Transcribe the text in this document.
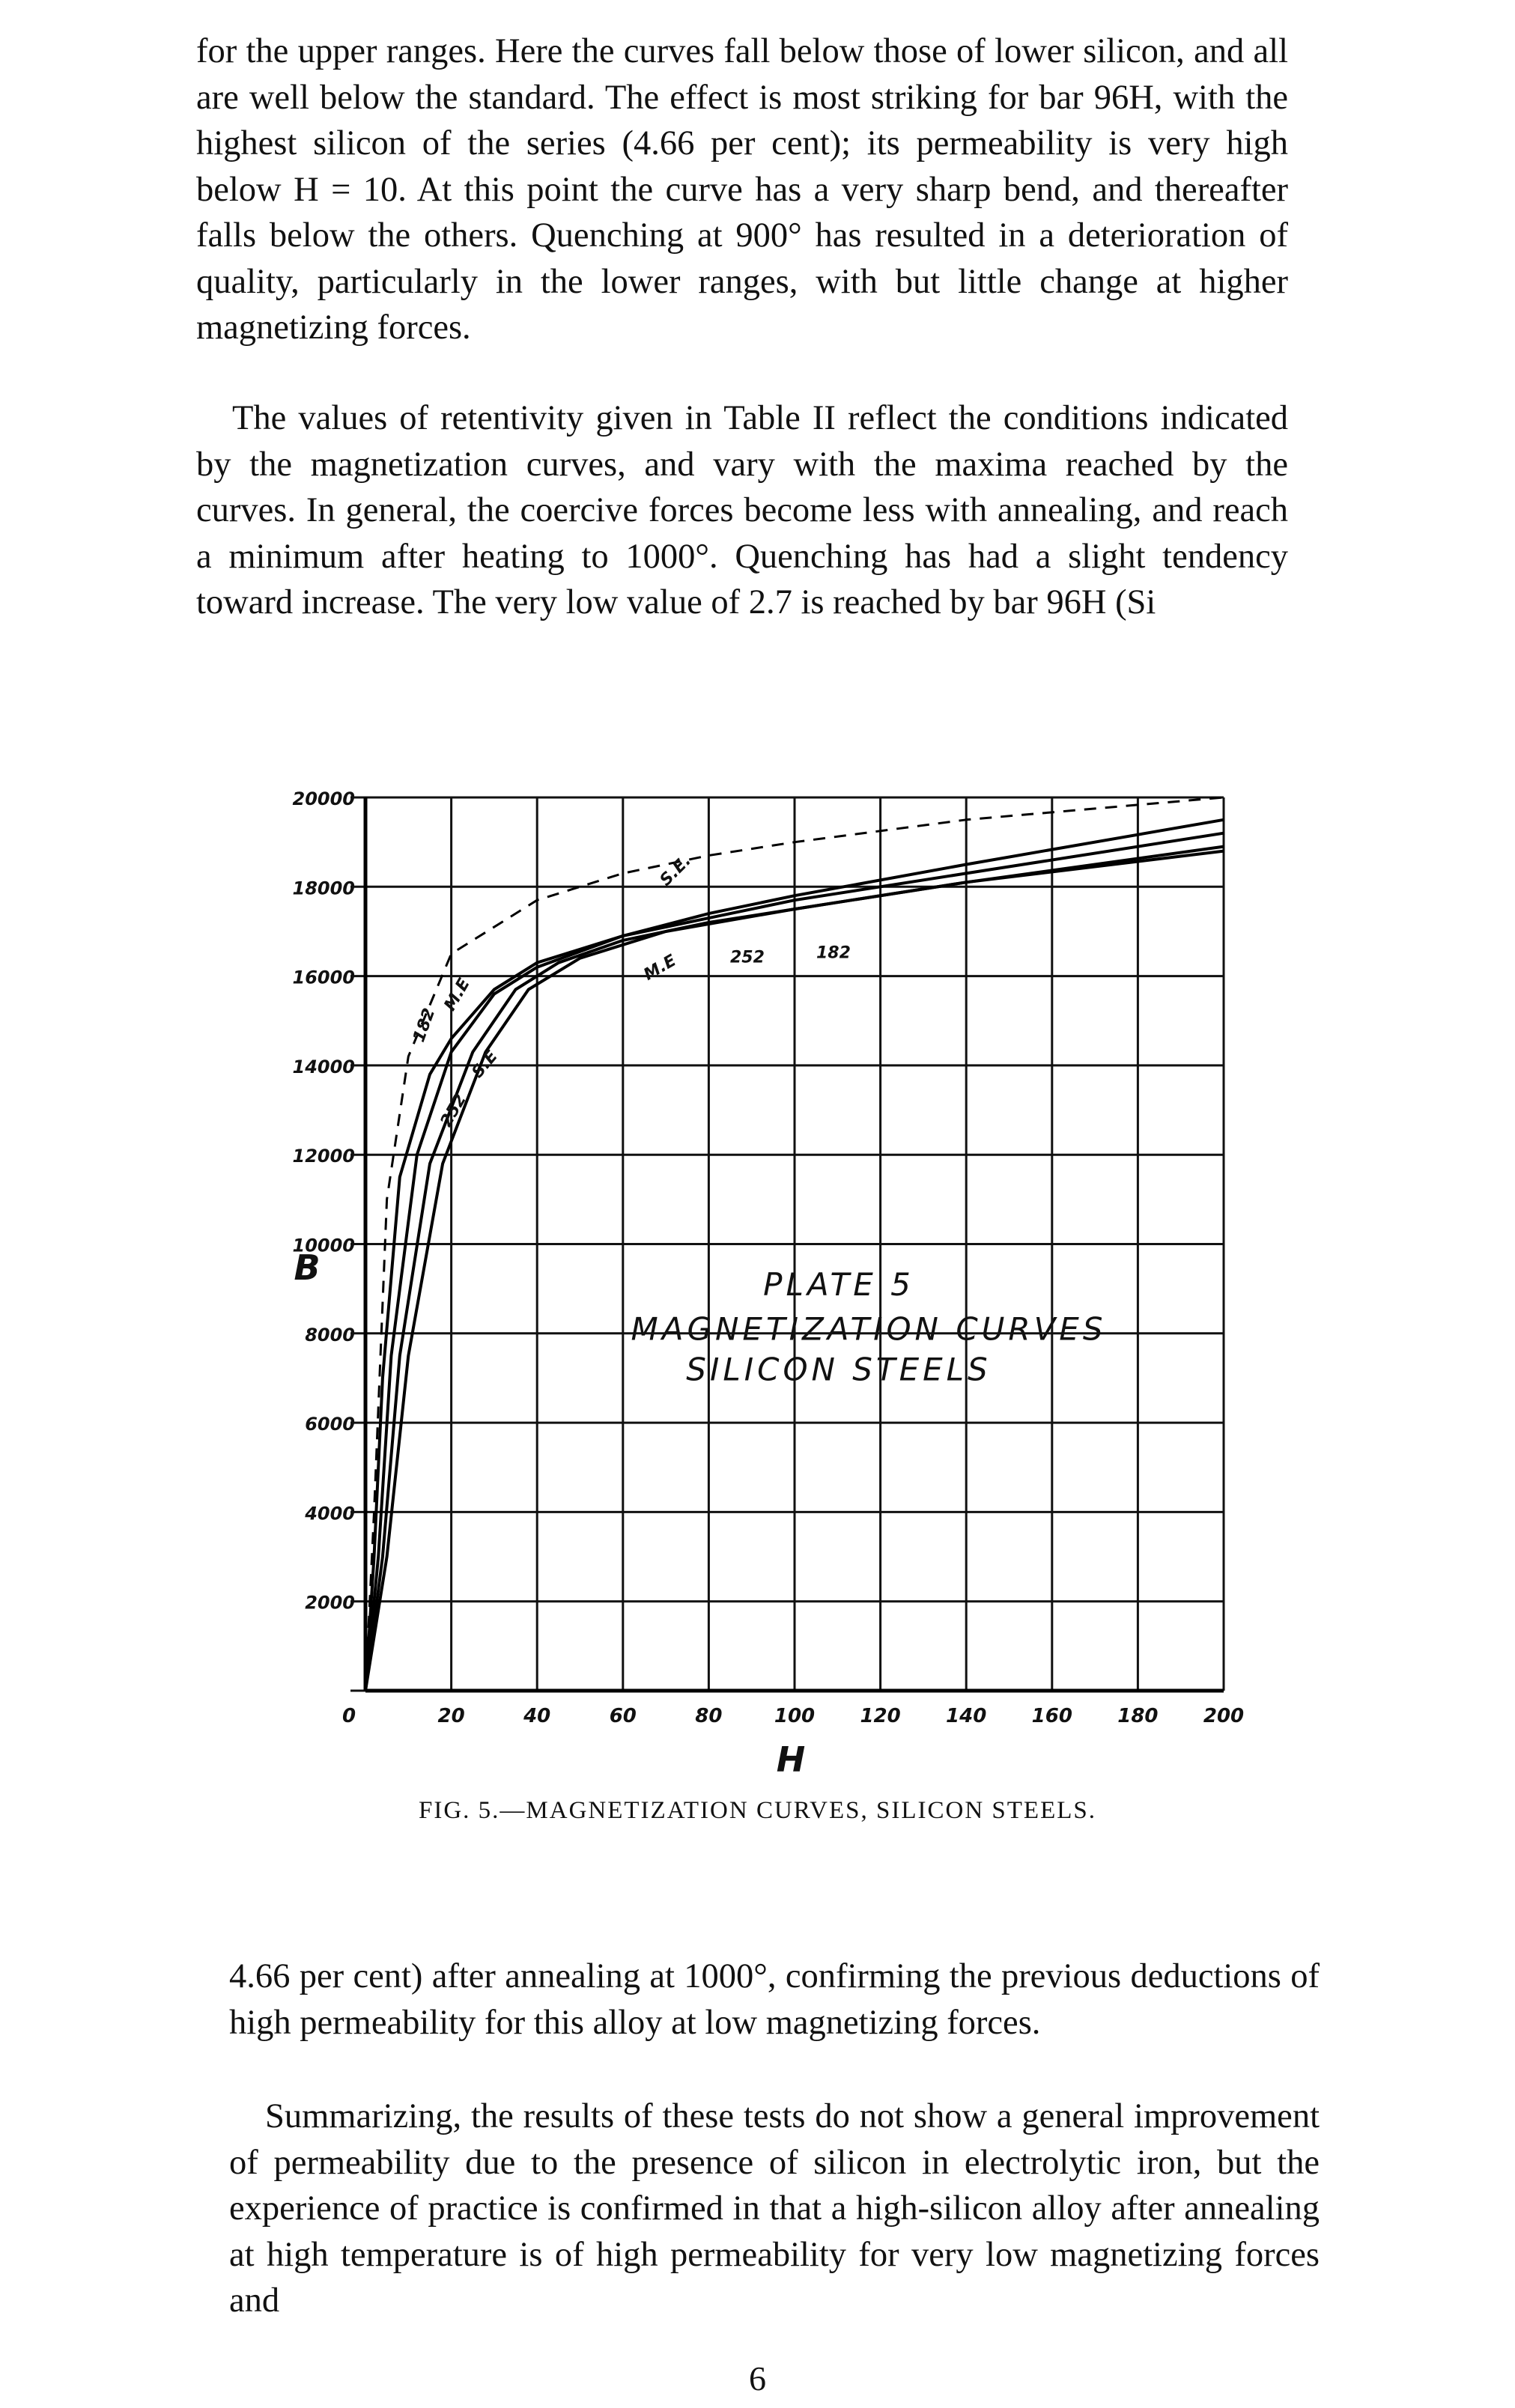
for the upper ranges. Here the curves fall below those of lower silicon, and all are well below the standard. The effect is most striking for bar 96H, with the highest silicon of the series (4.66 per cent); its permeability is very high below H = 10. At this point the curve has a very sharp bend, and thereafter falls below the others. Quenching at 900° has resulted in a deterioration of quality, particularly in the lower ranges, with but little change at higher magnetizing forces.

The values of retentivity given in Table II reflect the conditions indicated by the magnetization curves, and vary with the maxima reached by the curves. In general, the coercive forces become less with annealing, and reach a minimum after heating to 1000°. Quenching has had a slight tendency toward increase. The very low value of 2.7 is reached by bar 96H (Si

0	20	40	60	80	100 120 140 160 180 200
2000
4000
6000
8000
10000
12000
14000
16000
18000
20000
H
B	PLATE 5
MAGNETIZATION CURVES
SILICON STEELS
S.E.
252	182
M.E
182
M.E
S.E
252
FIG. 5.—MAGNETIZATION CURVES, SILICON STEELS.

4.66 per cent) after annealing at 1000°, confirming the previous deductions of high permeability for this alloy at low magnetizing forces.

Summarizing, the results of these tests do not show a general improvement of permeability due to the presence of silicon in electrolytic iron, but the experience of practice is confirmed in that a high-silicon alloy after annealing at high temperature is of high permeability for very low magnetizing forces and

6
